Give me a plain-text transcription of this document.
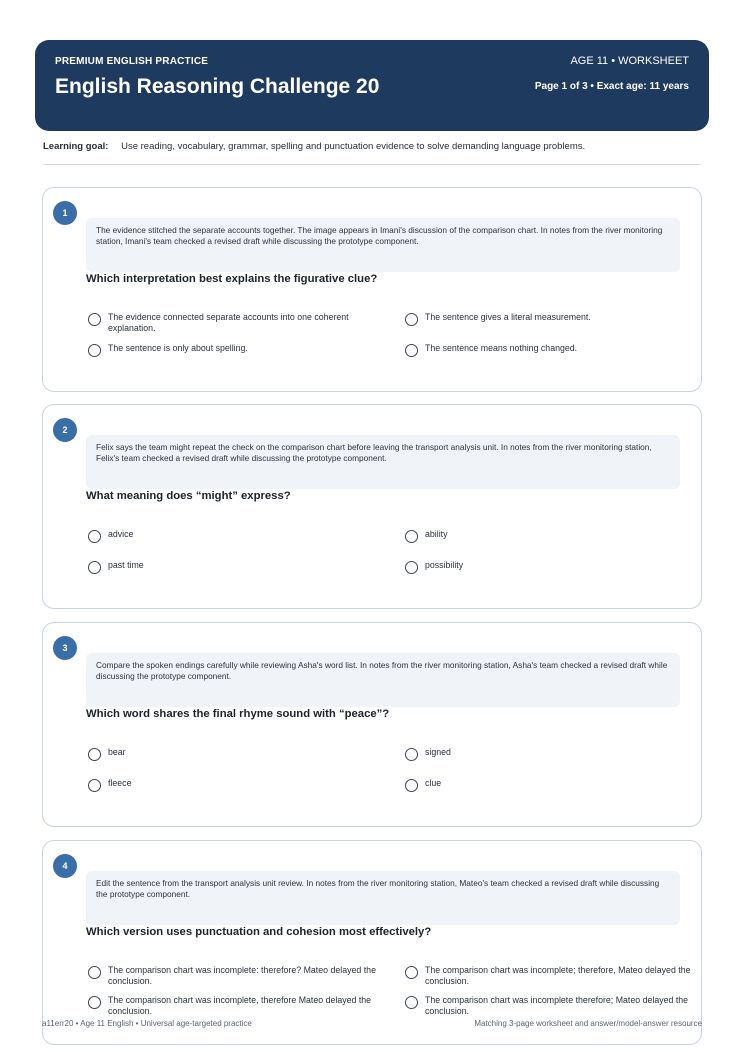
PREMIUM ENGLISH PRACTICE
English Reasoning Challenge 20
AGE 11 • WORKSHEET
Page 1 of 3 • Exact age: 11 years
Learning goal: Use reading, vocabulary, grammar, spelling and punctuation evidence to solve demanding language problems.
1
The evidence stitched the separate accounts together. The image appears in Imani's discussion of the comparison chart. In notes from the river monitoring station, Imani's team checked a revised draft while discussing the prototype component.
Which interpretation best explains the figurative clue?
The evidence connected separate accounts into one coherent explanation.
The sentence gives a literal measurement.
The sentence is only about spelling.	The sentence means nothing changed.
2
Felix says the team might repeat the check on the comparison chart before leaving the transport analysis unit. In notes from the river monitoring station, Felix's team checked a revised draft while discussing the prototype component.
What meaning does “might” express?
advice	ability
past time	possibility
3
Compare the spoken endings carefully while reviewing Asha's word list. In notes from the river monitoring station, Asha's team checked a revised draft while discussing the prototype component.
Which word shares the final rhyme sound with “peace”?
bear	signed
fleece	clue
4
Edit the sentence from the transport analysis unit review. In notes from the river monitoring station, Mateo's team checked a revised draft while discussing the prototype component.
Which version uses punctuation and cohesion most effectively?
The comparison chart was incomplete: therefore? Mateo delayed the conclusion.
The comparison chart was incomplete; therefore, Mateo delayed the conclusion.
The comparison chart was incomplete, therefore Mateo delayed the conclusion.
The comparison chart was incomplete therefore; Mateo delayed the conclusion.
a11err20 • Age 11 English • Universal age-targeted practice	Matching 3-page worksheet and answer/model-answer resource
